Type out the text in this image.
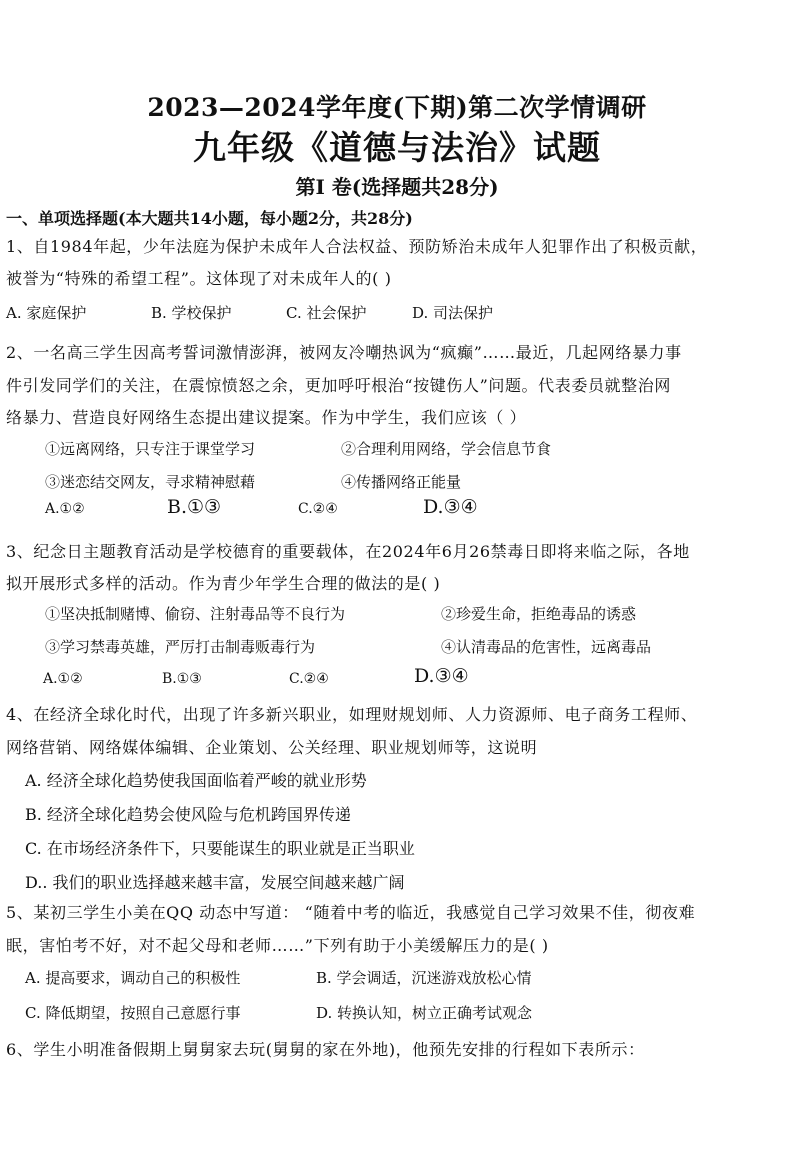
2023—2024学年度(下期)第二次学情调研
九年级《道德与法治》试题
第I 卷(选择题共28分)
一、单项选择题(本大题共14小题，每小题2分，共28分)
1、自1984年起，少年法庭为保护未成年人合法权益、预防矫治未成年人犯罪作出了积极贡献，
被誉为“特殊的希望工程”。这体现了对未成年人的( )
A. 家庭保护	B. 学校保护	C. 社会保护	D. 司法保护
2、一名高三学生因高考誓词激情澎湃，被网友冷嘲热讽为“疯癫”……最近，几起网络暴力事
件引发同学们的关注，在震惊愤怒之余，更加呼吁根治“按键伤人”问题。代表委员就整治网
络暴力、营造良好网络生态提出建议提案。作为中学生，我们应该（ ）
①远离网络，只专注于课堂学习	②合理利用网络，学会信息节食
③迷恋结交网友，寻求精神慰藉	④传播网络正能量
A.①②	B.①③	C.②④	D.③④
3、纪念日主题教育活动是学校德育的重要载体，在2024年6月26禁毒日即将来临之际，各地
拟开展形式多样的活动。作为青少年学生合理的做法的是( )
①坚决抵制赌博、偷窃、注射毒品等不良行为	②珍爱生命，拒绝毒品的诱惑
③学习禁毒英雄，严厉打击制毒贩毒行为	④认清毒品的危害性，远离毒品
A.①②	B.①③	C.②④	D.③④
4、在经济全球化时代，出现了许多新兴职业，如理财规划师、人力资源师、电子商务工程师、
网络营销、网络媒体编辑、企业策划、公关经理、职业规划师等，这说明
A. 经济全球化趋势使我国面临着严峻的就业形势
B. 经济全球化趋势会使风险与危机跨国界传递
C. 在市场经济条件下，只要能谋生的职业就是正当职业
D.. 我们的职业选择越来越丰富，发展空间越来越广阔
5、某初三学生小美在QQ 动态中写道： “随着中考的临近，我感觉自己学习效果不佳，彻夜难
眠，害怕考不好，对不起父母和老师……”下列有助于小美缓解压力的是( )
A. 提高要求，调动自己的积极性	B. 学会调适，沉迷游戏放松心情
C. 降低期望，按照自己意愿行事	D. 转换认知，树立正确考试观念
6、学生小明准备假期上舅舅家去玩(舅舅的家在外地)，他预先安排的行程如下表所示：
